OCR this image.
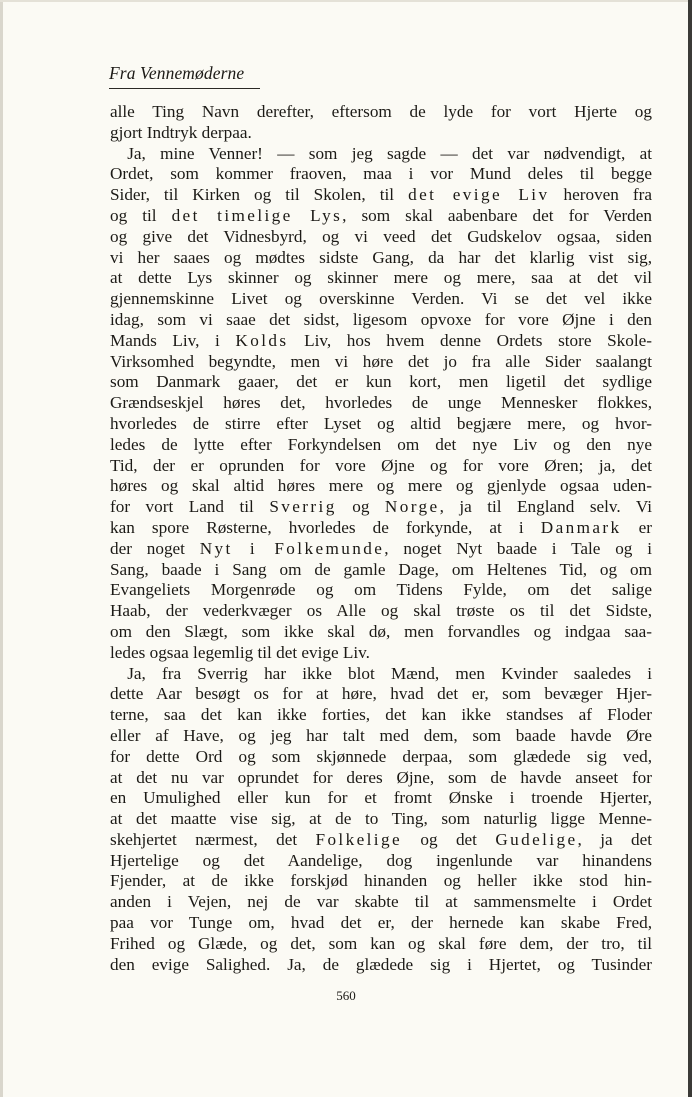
Fra Vennemøderne
alle Ting Navn derefter, eftersom de lyde for vort Hjerte og
gjort Indtryk derpaa.
 Ja, mine Venner! — som jeg sagde — det var nødvendigt, at
Ordet, som kommer fraoven, maa i vor Mund deles til begge
Sider, til Kirken og til Skolen, til det evige Liv heroven fra
og til det timelige Lys, som skal aabenbare det for Verden
og give det Vidnesbyrd, og vi veed det Gudskelov ogsaa, siden
vi her saaes og mødtes sidste Gang, da har det klarlig vist sig,
at dette Lys skinner og skinner mere og mere, saa at det vil
gjennemskinne Livet og overskinne Verden. Vi se det vel ikke
idag, som vi saae det sidst, ligesom opvoxe for vore Øjne i den
Mands Liv, i Kolds Liv, hos hvem denne Ordets store Skole-
Virksomhed begyndte, men vi høre det jo fra alle Sider saalangt
som Danmark gaaer, det er kun kort, men ligetil det sydlige
Grændseskjel høres det, hvorledes de unge Mennesker flokkes,
hvorledes de stirre efter Lyset og altid begjære mere, og hvor-
ledes de lytte efter Forkyndelsen om det nye Liv og den nye
Tid, der er oprunden for vore Øjne og for vore Øren; ja, det
høres og skal altid høres mere og mere og gjenlyde ogsaa uden-
for vort Land til Sverrig og Norge, ja til England selv. Vi
kan spore Røsterne, hvorledes de forkynde, at i Danmark er
der noget Nyt i Folkemunde, noget Nyt baade i Tale og i
Sang, baade i Sang om de gamle Dage, om Heltenes Tid, og om
Evangeliets Morgenrøde og om Tidens Fylde, om det salige
Haab, der vederkvæger os Alle og skal trøste os til det Sidste,
om den Slægt, som ikke skal dø, men forvandles og indgaa saa-
ledes ogsaa legemlig til det evige Liv.
 Ja, fra Sverrig har ikke blot Mænd, men Kvinder saaledes i
dette Aar besøgt os for at høre, hvad det er, som bevæger Hjer-
terne, saa det kan ikke forties, det kan ikke standses af Floder
eller af Have, og jeg har talt med dem, som baade havde Øre
for dette Ord og som skjønnede derpaa, som glædede sig ved,
at det nu var oprundet for deres Øjne, som de havde anseet for
en Umulighed eller kun for et fromt Ønske i troende Hjerter,
at det maatte vise sig, at de to Ting, som naturlig ligge Menne-
skehjertet nærmest, det Folkelige og det Gudelige, ja det
Hjertelige og det Aandelige, dog ingenlunde var hinandens
Fjender, at de ikke forskjød hinanden og heller ikke stod hin-
anden i Vejen, nej de var skabte til at sammensmelte i Ordet
paa vor Tunge om, hvad det er, der hernede kan skabe Fred,
Frihed og Glæde, og det, som kan og skal føre dem, der tro, til
den evige Salighed. Ja, de glædede sig i Hjertet, og Tusinder
560
